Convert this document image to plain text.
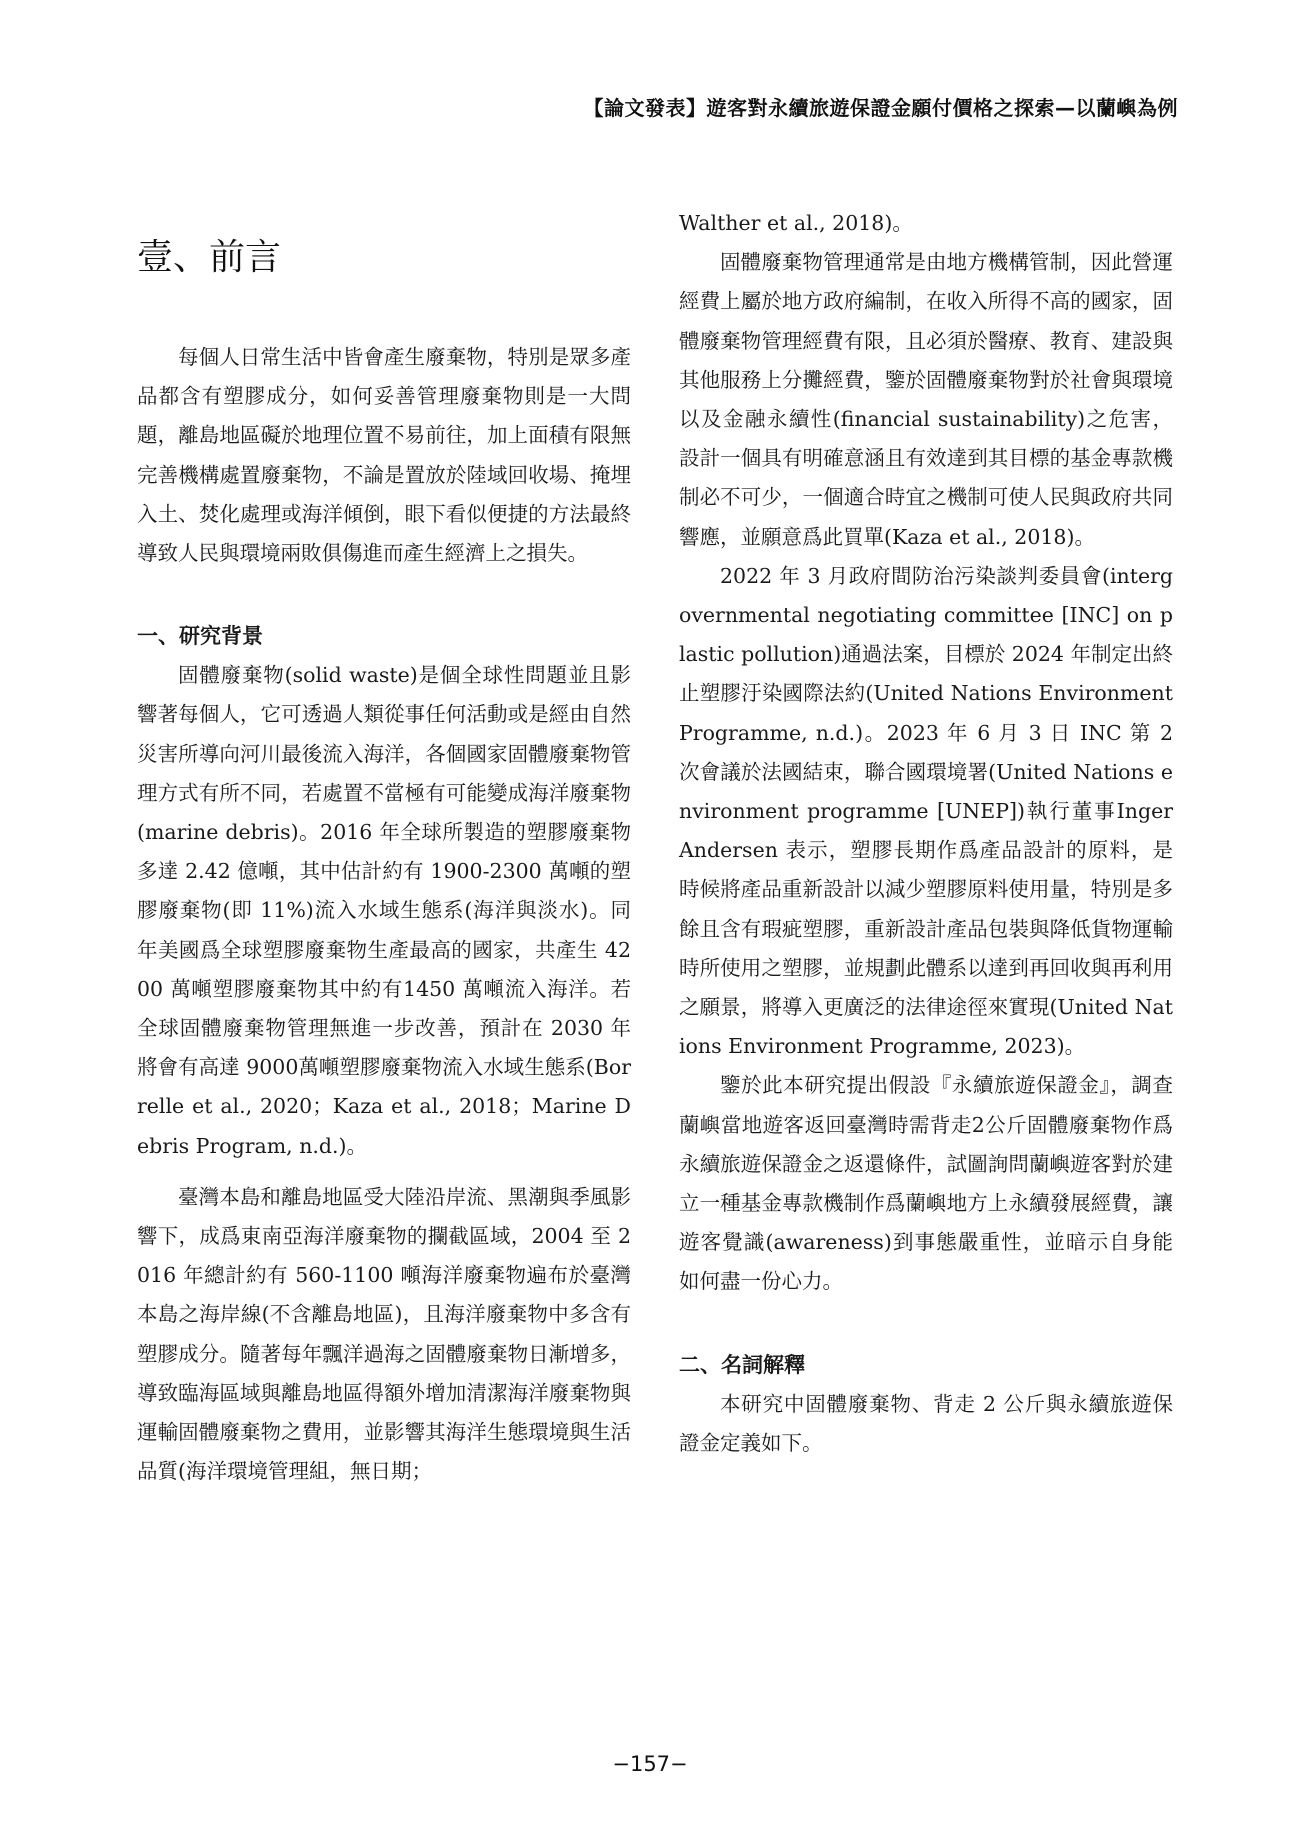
【論文發表】遊客對永續旅遊保證金願付價格之探索—以蘭嶼為例
壹、前言

每個人日常生活中皆會產生廢棄物，特別是眾多產品都含有塑膠成分，如何妥善管理廢棄物則是一大問題，離島地區礙於地理位置不易前往，加上面積有限無完善機構處置廢棄物，不論是置放於陸域回收場、掩埋入土、焚化處理或海洋傾倒，眼下看似便捷的方法最終導致人民與環境兩敗俱傷進而產生經濟上之損失。

一、研究背景

固體廢棄物(solid waste)是個全球性問題並且影響著每個人，它可透過人類從事任何活動或是經由自然災害所導向河川最後流入海洋，各個國家固體廢棄物管理方式有所不同，若處置不當極有可能變成海洋廢棄物(marine debris)。2016 年全球所製造的塑膠廢棄物多達 2.42 億噸，其中估計約有 1900-2300 萬噸的塑膠廢棄物(即 11%)流入水域生態系(海洋與淡水)。同年美國爲全球塑膠廢棄物生產最高的國家，共產生 4200 萬噸塑膠廢棄物其中約有1450 萬噸流入海洋。若全球固體廢棄物管理無進一步改善，預計在 2030 年將會有高達 9000萬噸塑膠廢棄物流入水域生態系(Borrelle et al., 2020；Kaza et al., 2018；Marine Debris Program, n.d.)。

臺灣本島和離島地區受大陸沿岸流、黑潮與季風影響下，成爲東南亞海洋廢棄物的攔截區域，2004 至 2016 年總計約有 560-1100 噸海洋廢棄物遍布於臺灣本島之海岸線(不含離島地區)，且海洋廢棄物中多含有塑膠成分。隨著每年飄洋過海之固體廢棄物日漸增多，導致臨海區域與離島地區得額外增加清潔海洋廢棄物與運輸固體廢棄物之費用，並影響其海洋生態環境與生活品質(海洋環境管理組，無日期；

Walther et al., 2018)。

固體廢棄物管理通常是由地方機構管制，因此營運經費上屬於地方政府編制，在收入所得不高的國家，固體廢棄物管理經費有限，且必須於醫療、教育、建設與其他服務上分攤經費，鑒於固體廢棄物對於社會與環境以及金融永續性(financial sustainability)之危害，設計一個具有明確意涵且有效達到其目標的基金專款機制必不可少，一個適合時宜之機制可使人民與政府共同響應，並願意爲此買單(Kaza et al., 2018)。

2022 年 3 月政府間防治污染談判委員會(intergovernmental negotiating committee [INC] on plastic pollution)通過法案，目標於 2024 年制定出終止塑膠汙染國際法約(United Nations Environment Programme, n.d.)。2023 年 6 月 3 日 INC 第 2 次會議於法國結束，聯合國環境署(United Nations environment programme [UNEP])執行董事Inger Andersen 表示，塑膠長期作爲產品設計的原料，是時候將產品重新設計以減少塑膠原料使用量，特別是多餘且含有瑕疵塑膠，重新設計產品包裝與降低貨物運輸時所使用之塑膠，並規劃此體系以達到再回收與再利用之願景，將導入更廣泛的法律途徑來實現(United Nations Environment Programme, 2023)。

鑒於此本研究提出假設『永續旅遊保證金』，調查蘭嶼當地遊客返回臺灣時需背走2公斤固體廢棄物作爲永續旅遊保證金之返還條件，試圖詢問蘭嶼遊客對於建立一種基金專款機制作爲蘭嶼地方上永續發展經費，讓遊客覺識(awareness)到事態嚴重性，並暗示自身能如何盡一份心力。

二、名詞解釋

本研究中固體廢棄物、背走 2 公斤與永續旅遊保證金定義如下。

−157−
